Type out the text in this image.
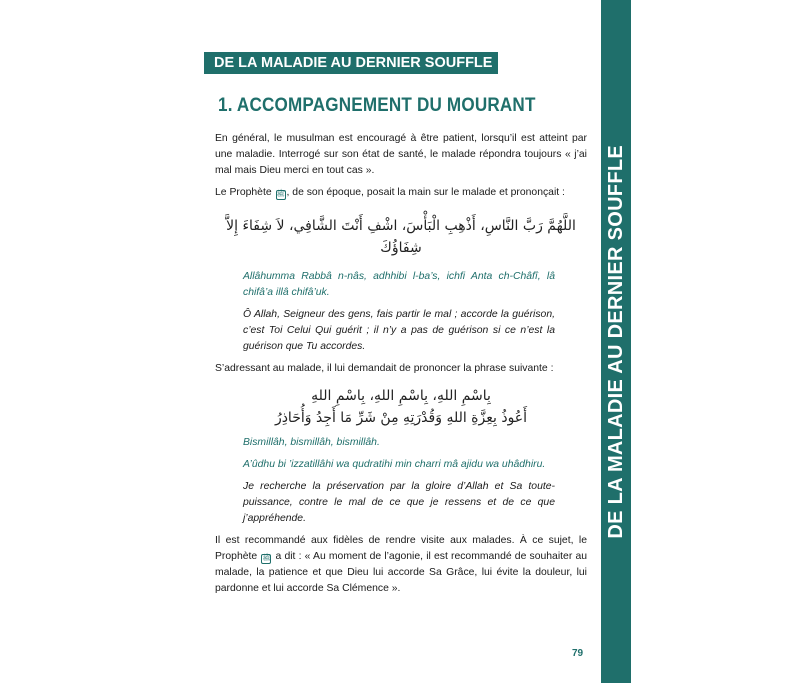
DE LA MALADIE AU DERNIER SOUFFLE
DE LA MALADIE AU DERNIER SOUFFLE
1. ACCOMPAGNEMENT DU MOURANT

En général, le musulman est encouragé à être patient, lorsqu’il est atteint par une maladie. Interrogé sur son état de santé, le malade répondra toujours « j’ai mal mais Dieu merci en tout cas ».

Le Prophète ﷺ , de son époque, posait la main sur le malade et prononçait :

اللَّهُمَّ رَبَّ النَّاسِ، أَذْهِبِ الْبَأْسَ، اشْفِ أَنْتَ الشَّافِي، لاَ شِفَاءَ إِلاَّ شِفَاؤُكَ

Allâhumma Rabbâ n-nâs, adhhibi l-ba’s, ichfi Anta ch-Châfî, lâ chifâ’a illâ chifâ’uk.

Ô Allah, Seigneur des gens, fais partir le mal ; accorde la guérison, c’est Toi Celui Qui guérit ; il n’y a pas de guérison si ce n’est la guérison que Tu accordes.

S’adressant au malade, il lui demandait de prononcer la phrase suivante :

بِاسْمِ اللهِ، بِاسْمِ اللهِ، بِاسْمِ اللهِ

أَعُوذُ بِعِزَّةِ اللهِ وَقُدْرَتِهِ مِنْ شَرِّ مَا أَجِدُ وَأُحَاذِرُ

Bismillâh, bismillâh, bismillâh.

A’ûdhu bi ’izzatillâhi wa qudratihi min charri mâ ajidu wa uhâdhiru.

Je recherche la préservation par la gloire d’Allah et Sa toute-puissance, contre le mal de ce que je ressens et de ce que j’appréhende.

Il est recommandé aux fidèles de rendre visite aux malades. À ce sujet, le Prophète ﷺ a dit : « Au moment de l’agonie, il est recommandé de souhaiter au malade, la patience et que Dieu lui accorde Sa Grâce, lui évite la douleur, lui pardonne et lui accorde Sa Clémence ».

79
